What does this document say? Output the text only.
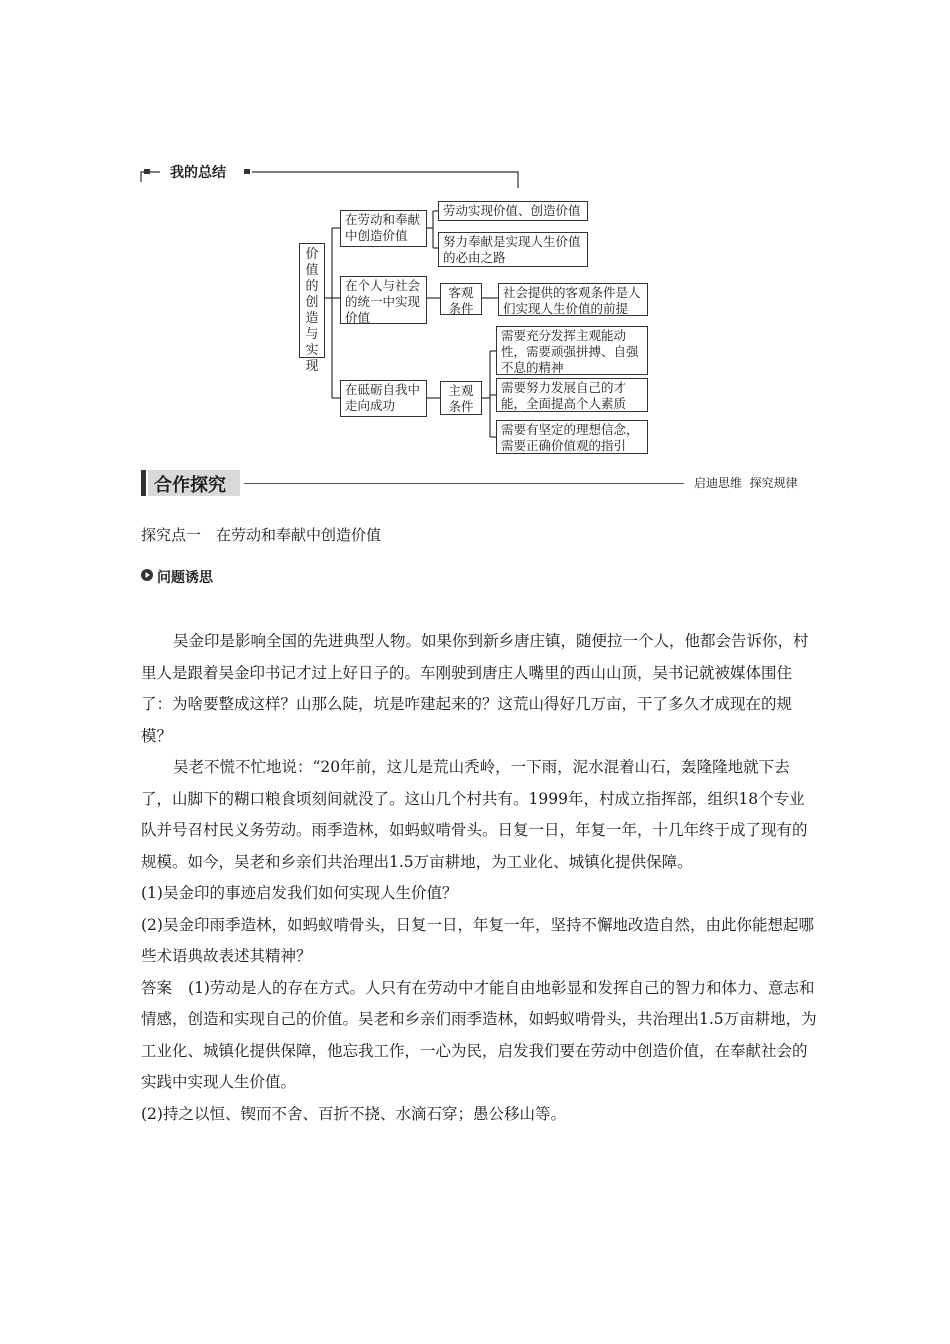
我的总结
价值的创造与实现
在劳动和奉献中创造价值
在个人与社会的统一中实现价值
在砥砺自我中走向成功
客观条件
主观条件
劳动实现价值、创造价值
努力奉献是实现人生价值的必由之路
社会提供的客观条件是人们实现人生价值的前提
需要充分发挥主观能动性，需要顽强拼搏、自强不息的精神
需要努力发展自己的才能，全面提高个人素质
需要有坚定的理想信念，需要正确价值观的指引
合作探究	启迪思维  探究规律
探究点一　在劳动和奉献中创造价值
问题诱思

吴金印是影响全国的先进典型人物。如果你到新乡唐庄镇，随便拉一个人，他都会告诉你，村里人是跟着吴金印书记才过上好日子的。车刚驶到唐庄人嘴里的西山山顶，吴书记就被媒体围住了：为啥要整成这样？山那么陡，坑是咋建起来的？这荒山得好几万亩，干了多久才成现在的规模？

吴老不慌不忙地说：“20年前，这儿是荒山秃岭，一下雨，泥水混着山石，轰隆隆地就下去了，山脚下的糊口粮食顷刻间就没了。这山几个村共有。1999年，村成立指挥部，组织18个专业队并号召村民义务劳动。雨季造林，如蚂蚁啃骨头。日复一日，年复一年，十几年终于成了现有的规模。如今，吴老和乡亲们共治理出1.5万亩耕地，为工业化、城镇化提供保障。

(1)吴金印的事迹启发我们如何实现人生价值？

(2)吴金印雨季造林，如蚂蚁啃骨头，日复一日，年复一年，坚持不懈地改造自然，由此你能想起哪些术语典故表述其精神？

答案 (1)劳动是人的存在方式。人只有在劳动中才能自由地彰显和发挥自己的智力和体力、意志和情感，创造和实现自己的价值。吴老和乡亲们雨季造林，如蚂蚁啃骨头，共治理出1.5万亩耕地，为工业化、城镇化提供保障，他忘我工作，一心为民，启发我们要在劳动中创造价值，在奉献社会的实践中实现人生价值。

(2)持之以恒、锲而不舍、百折不挠、水滴石穿；愚公移山等。
